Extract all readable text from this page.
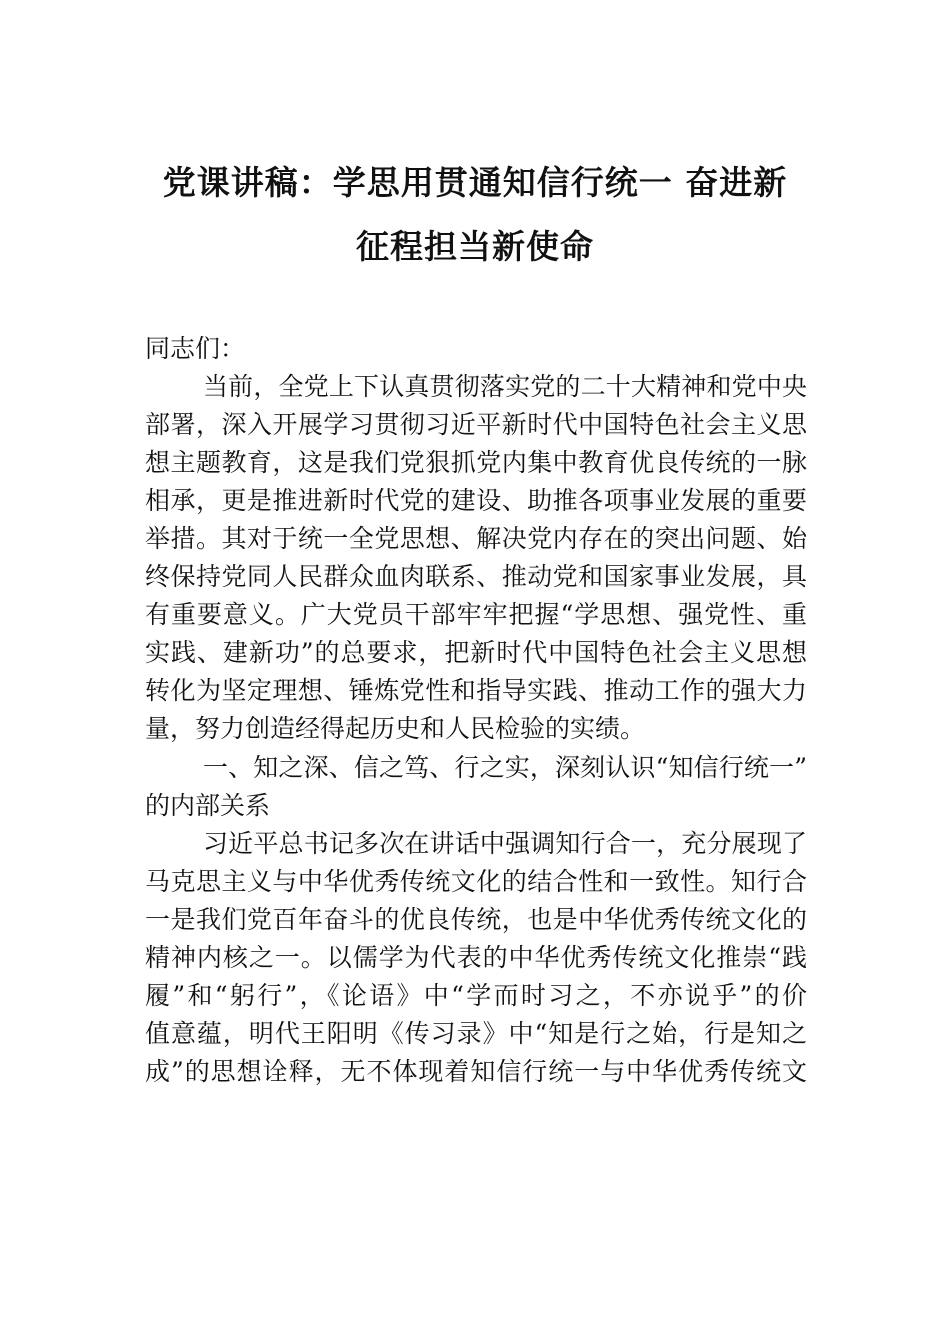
党课讲稿：学思用贯通知信行统一 奋进新
征程担当新使命
同志们：
当前，全党上下认真贯彻落实党的二十大精神和党中央
部署，深入开展学习贯彻习近平新时代中国特色社会主义思
想主题教育，这是我们党狠抓党内集中教育优良传统的一脉
相承，更是推进新时代党的建设、助推各项事业发展的重要
举措。其对于统一全党思想、解决党内存在的突出问题、始
终保持党同人民群众血肉联系、推动党和国家事业发展，具
有重要意义。广大党员干部牢牢把握“学思想、强党性、重
实践、建新功”的总要求，把新时代中国特色社会主义思想
转化为坚定理想、锤炼党性和指导实践、推动工作的强大力
量，努力创造经得起历史和人民检验的实绩。
一、知之深、信之笃、行之实，深刻认识“知信行统一”
的内部关系
习近平总书记多次在讲话中强调知行合一，充分展现了
马克思主义与中华优秀传统文化的结合性和一致性。知行合
一是我们党百年奋斗的优良传统，也是中华优秀传统文化的
精神内核之一。以儒学为代表的中华优秀传统文化推崇“践
履”和“躬行”，《论语》中“学而时习之，不亦说乎”的价
值意蕴，明代王阳明《传习录》中“知是行之始，行是知之
成”的思想诠释，无不体现着知信行统一与中华优秀传统文
